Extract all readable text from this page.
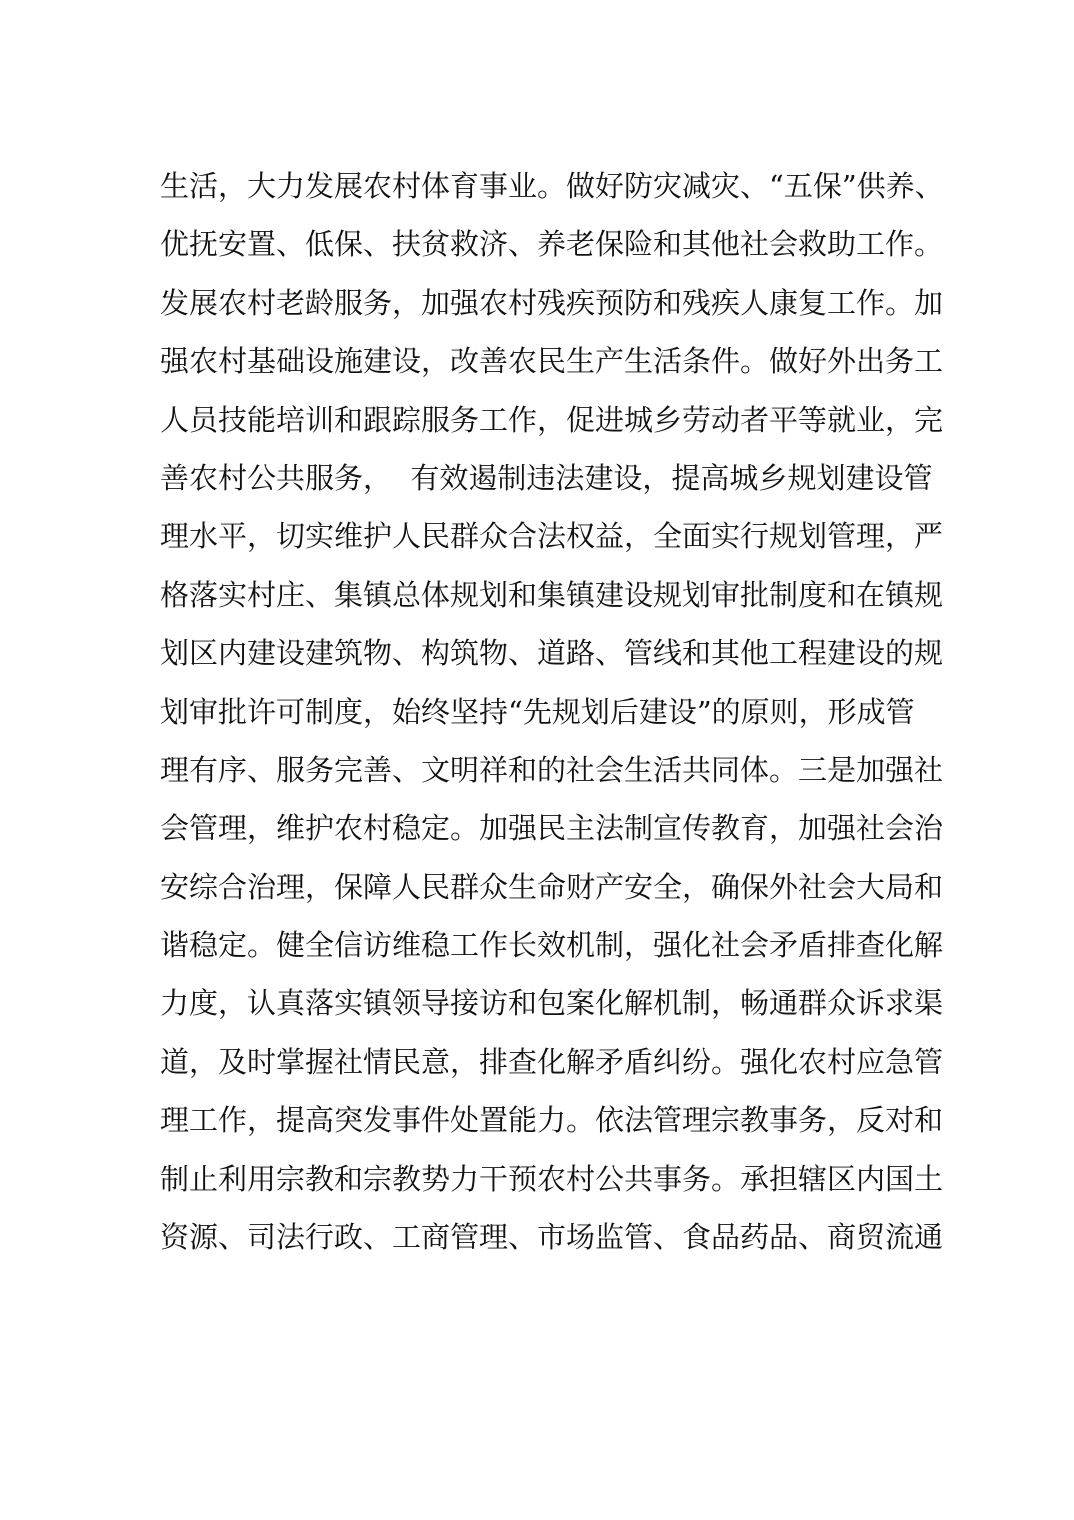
生活，大力发展农村体育事业。做好防灾减灾、“五保”供养、
优抚安置、低保、扶贫救济、养老保险和其他社会救助工作。
发展农村老龄服务，加强农村残疾预防和残疾人康复工作。加
强农村基础设施建设，改善农民生产生活条件。做好外出务工
人员技能培训和跟踪服务工作，促进城乡劳动者平等就业，完
善农村公共服务，  有效遏制违法建设，提高城乡规划建设管
理水平，切实维护人民群众合法权益，全面实行规划管理，严
格落实村庄、集镇总体规划和集镇建设规划审批制度和在镇规
划区内建设建筑物、构筑物、道路、管线和其他工程建设的规
划审批许可制度，始终坚持“先规划后建设”的原则，形成管
理有序、服务完善、文明祥和的社会生活共同体。三是加强社
会管理，维护农村稳定。加强民主法制宣传教育，加强社会治
安综合治理，保障人民群众生命财产安全，确保外社会大局和
谐稳定。健全信访维稳工作长效机制，强化社会矛盾排查化解
力度，认真落实镇领导接访和包案化解机制，畅通群众诉求渠
道，及时掌握社情民意，排查化解矛盾纠纷。强化农村应急管
理工作，提高突发事件处置能力。依法管理宗教事务，反对和
制止利用宗教和宗教势力干预农村公共事务。承担辖区内国土
资源、司法行政、工商管理、市场监管、食品药品、商贸流通
